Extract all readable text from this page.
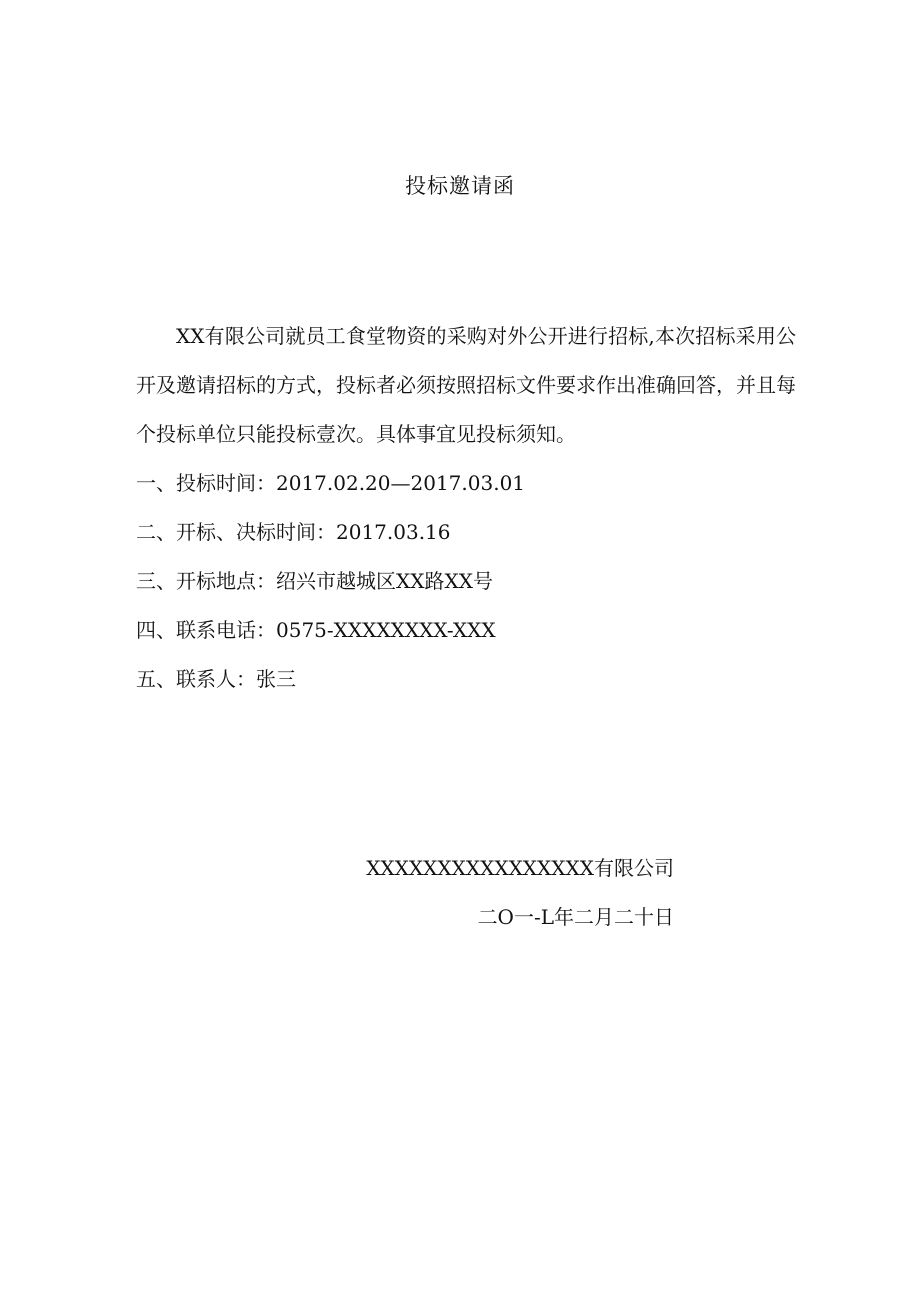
投标邀请函

XX有限公司就员工食堂物资的采购对外公开进行招标,本次招标采用公开及邀请招标的方式，投标者必须按照招标文件要求作出准确回答，并且每个投标单位只能投标壹次。具体事宜见投标须知。

一、投标时间：2017.02.20—2017.03.01

二、开标、决标时间：2017.03.16

三、开标地点：绍兴市越城区XX路XX号

四、联系电话：0575-XXXXXXXX-XXX

五、联系人：张三

XXXXXXXXXXXXXXXX有限公司
二O一-L年二月二十日
